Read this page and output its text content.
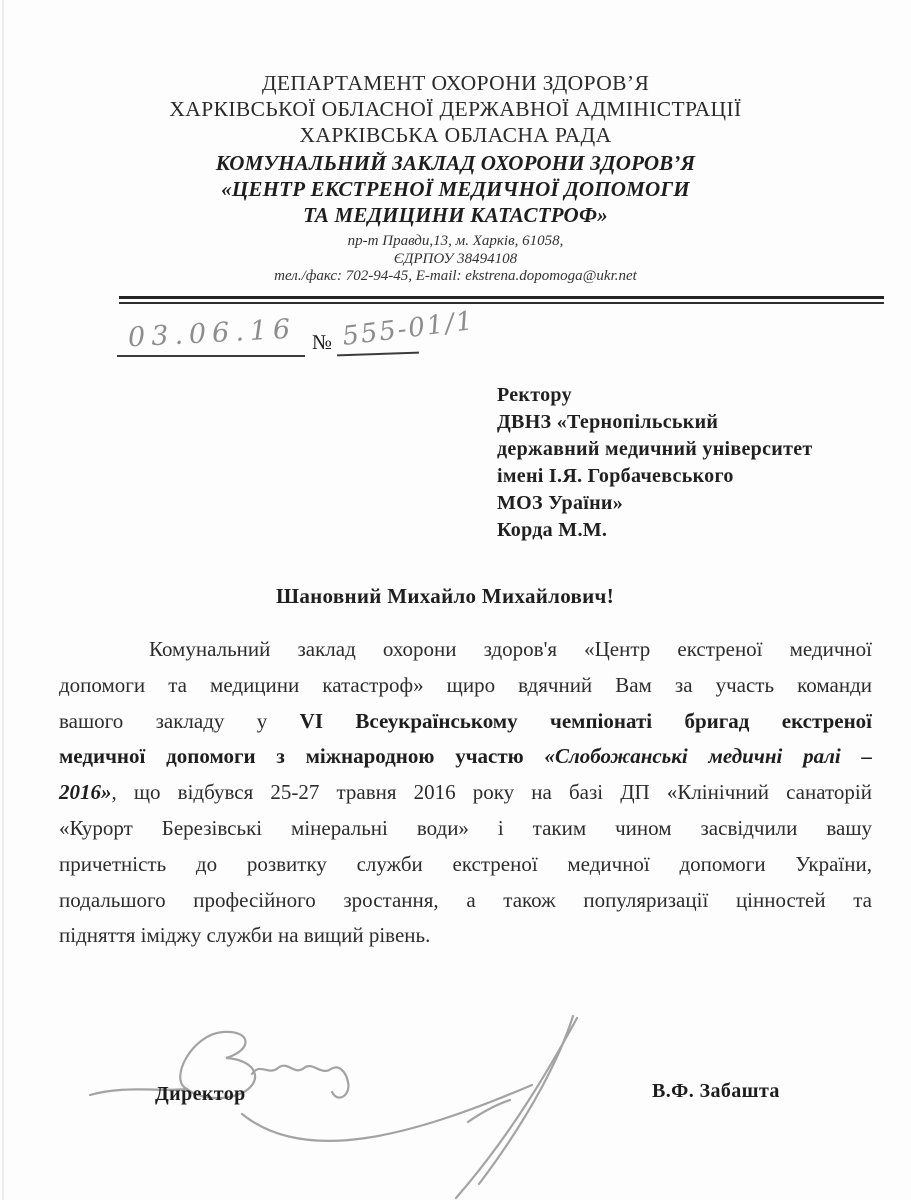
ДЕПАРТАМЕНТ ОХОРОНИ ЗДОРОВ’Я
ХАРКІВСЬКОЇ ОБЛАСНОЇ ДЕРЖАВНОЇ АДМІНІСТРАЦІЇ
ХАРКІВСЬКА ОБЛАСНА РАДА
КОМУНАЛЬНИЙ ЗАКЛАД ОХОРОНИ ЗДОРОВ’Я
«ЦЕНТР ЕКСТРЕНОЇ МЕДИЧНОЇ ДОПОМОГИ
ТА МЕДИЦИНИ КАТАСТРОФ»
пр-т Правди,13, м. Харків, 61058,
ЄДРПОУ 38494108
тел./факс: 702-94-45, E-mail: ekstrena.dopomoga@ukr.net
03.06.16 № 555-01/1
Ректору
ДВНЗ «Тернопільський
державний медичний університет
імені І.Я. Горбачевського
МОЗ Ураїни»
Корда М.М.
Шановний Михайло Михайлович!
Комунальний заклад охорони здоров'я «Центр екстреної медичної
допомоги та медицини катастроф» щиро вдячний Вам за участь команди
вашого закладу у VI Всеукраїнському чемпіонаті бригад екстреної
медичної допомоги з міжнародною участю «Слобожанські медичні ралі –
2016», що відбувся 25-27 травня 2016 року на базі ДП «Клінічний санаторій
«Курорт Березівські мінеральні води» і таким чином засвідчили вашу
причетність до розвитку служби екстреної медичної допомоги України,
подальшого професійного зростання, а також популяризації цінностей та
підняття іміджу служби на вищий рівень.
Директор	В.Ф. Забашта
